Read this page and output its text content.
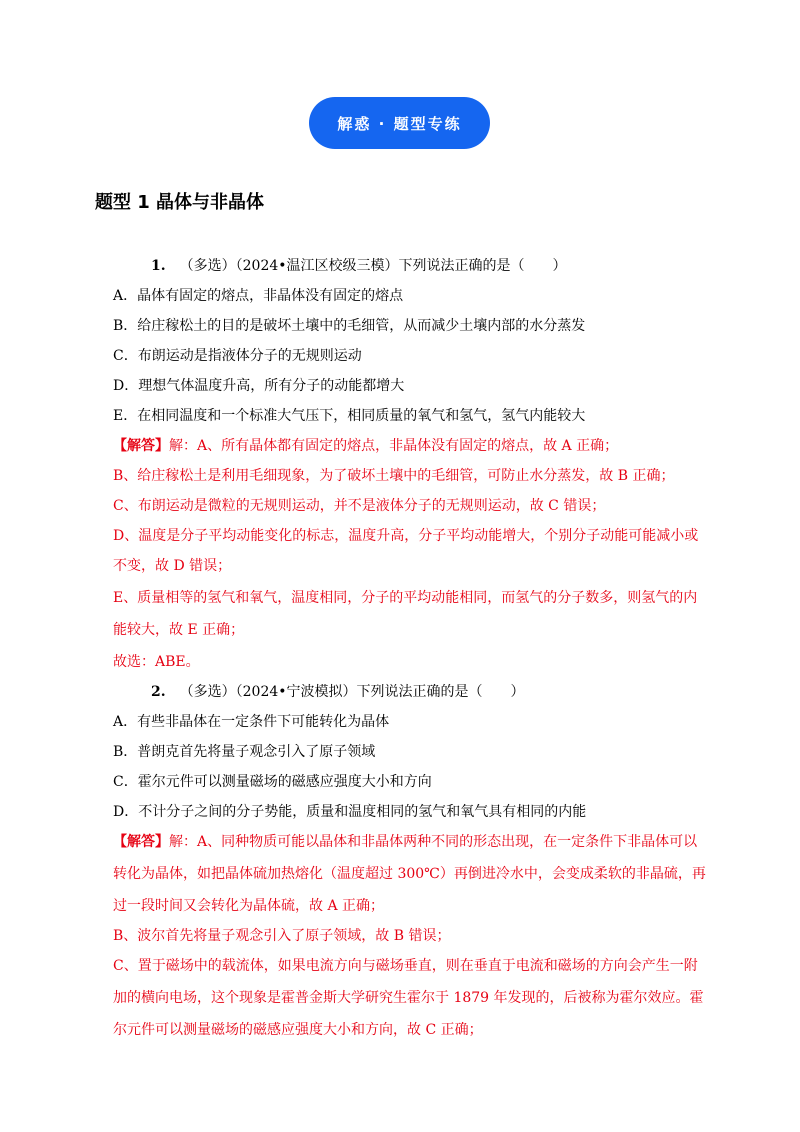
解惑 · 题型专练
题型 1 晶体与非晶体
1. （多选）（2024•温江区校级三模）下列说法正确的是（　　）
A．晶体有固定的熔点，非晶体没有固定的熔点
B．给庄稼松土的目的是破坏土壤中的毛细管，从而减少土壤内部的水分蒸发
C．布朗运动是指液体分子的无规则运动
D．理想气体温度升高，所有分子的动能都增大
E．在相同温度和一个标准大气压下，相同质量的氧气和氢气，氢气内能较大
【解答】解：A、所有晶体都有固定的熔点，非晶体没有固定的熔点，故 A 正确；
B、给庄稼松土是利用毛细现象，为了破坏土壤中的毛细管，可防止水分蒸发，故 B 正确；
C、布朗运动是微粒的无规则运动，并不是液体分子的无规则运动，故 C 错误；
D、温度是分子平均动能变化的标志，温度升高，分子平均动能增大，个别分子动能可能减小或
不变，故 D 错误；
E、质量相等的氢气和氧气，温度相同，分子的平均动能相同，而氢气的分子数多，则氢气的内
能较大，故 E 正确；
故选：ABE。
2. （多选）（2024•宁波模拟）下列说法正确的是（　　）
A．有些非晶体在一定条件下可能转化为晶体
B．普朗克首先将量子观念引入了原子领域
C．霍尔元件可以测量磁场的磁感应强度大小和方向
D．不计分子之间的分子势能，质量和温度相同的氢气和氧气具有相同的内能
【解答】解：A、同种物质可能以晶体和非晶体两种不同的形态出现，在一定条件下非晶体可以
转化为晶体，如把晶体硫加热熔化（温度超过 300℃）再倒进冷水中，会变成柔软的非晶硫，再
过一段时间又会转化为晶体硫，故 A 正确；
B、波尔首先将量子观念引入了原子领域，故 B 错误；
C、置于磁场中的载流体，如果电流方向与磁场垂直，则在垂直于电流和磁场的方向会产生一附
加的横向电场，这个现象是霍普金斯大学研究生霍尔于 1879 年发现的，后被称为霍尔效应。霍
尔元件可以测量磁场的磁感应强度大小和方向，故 C 正确；
